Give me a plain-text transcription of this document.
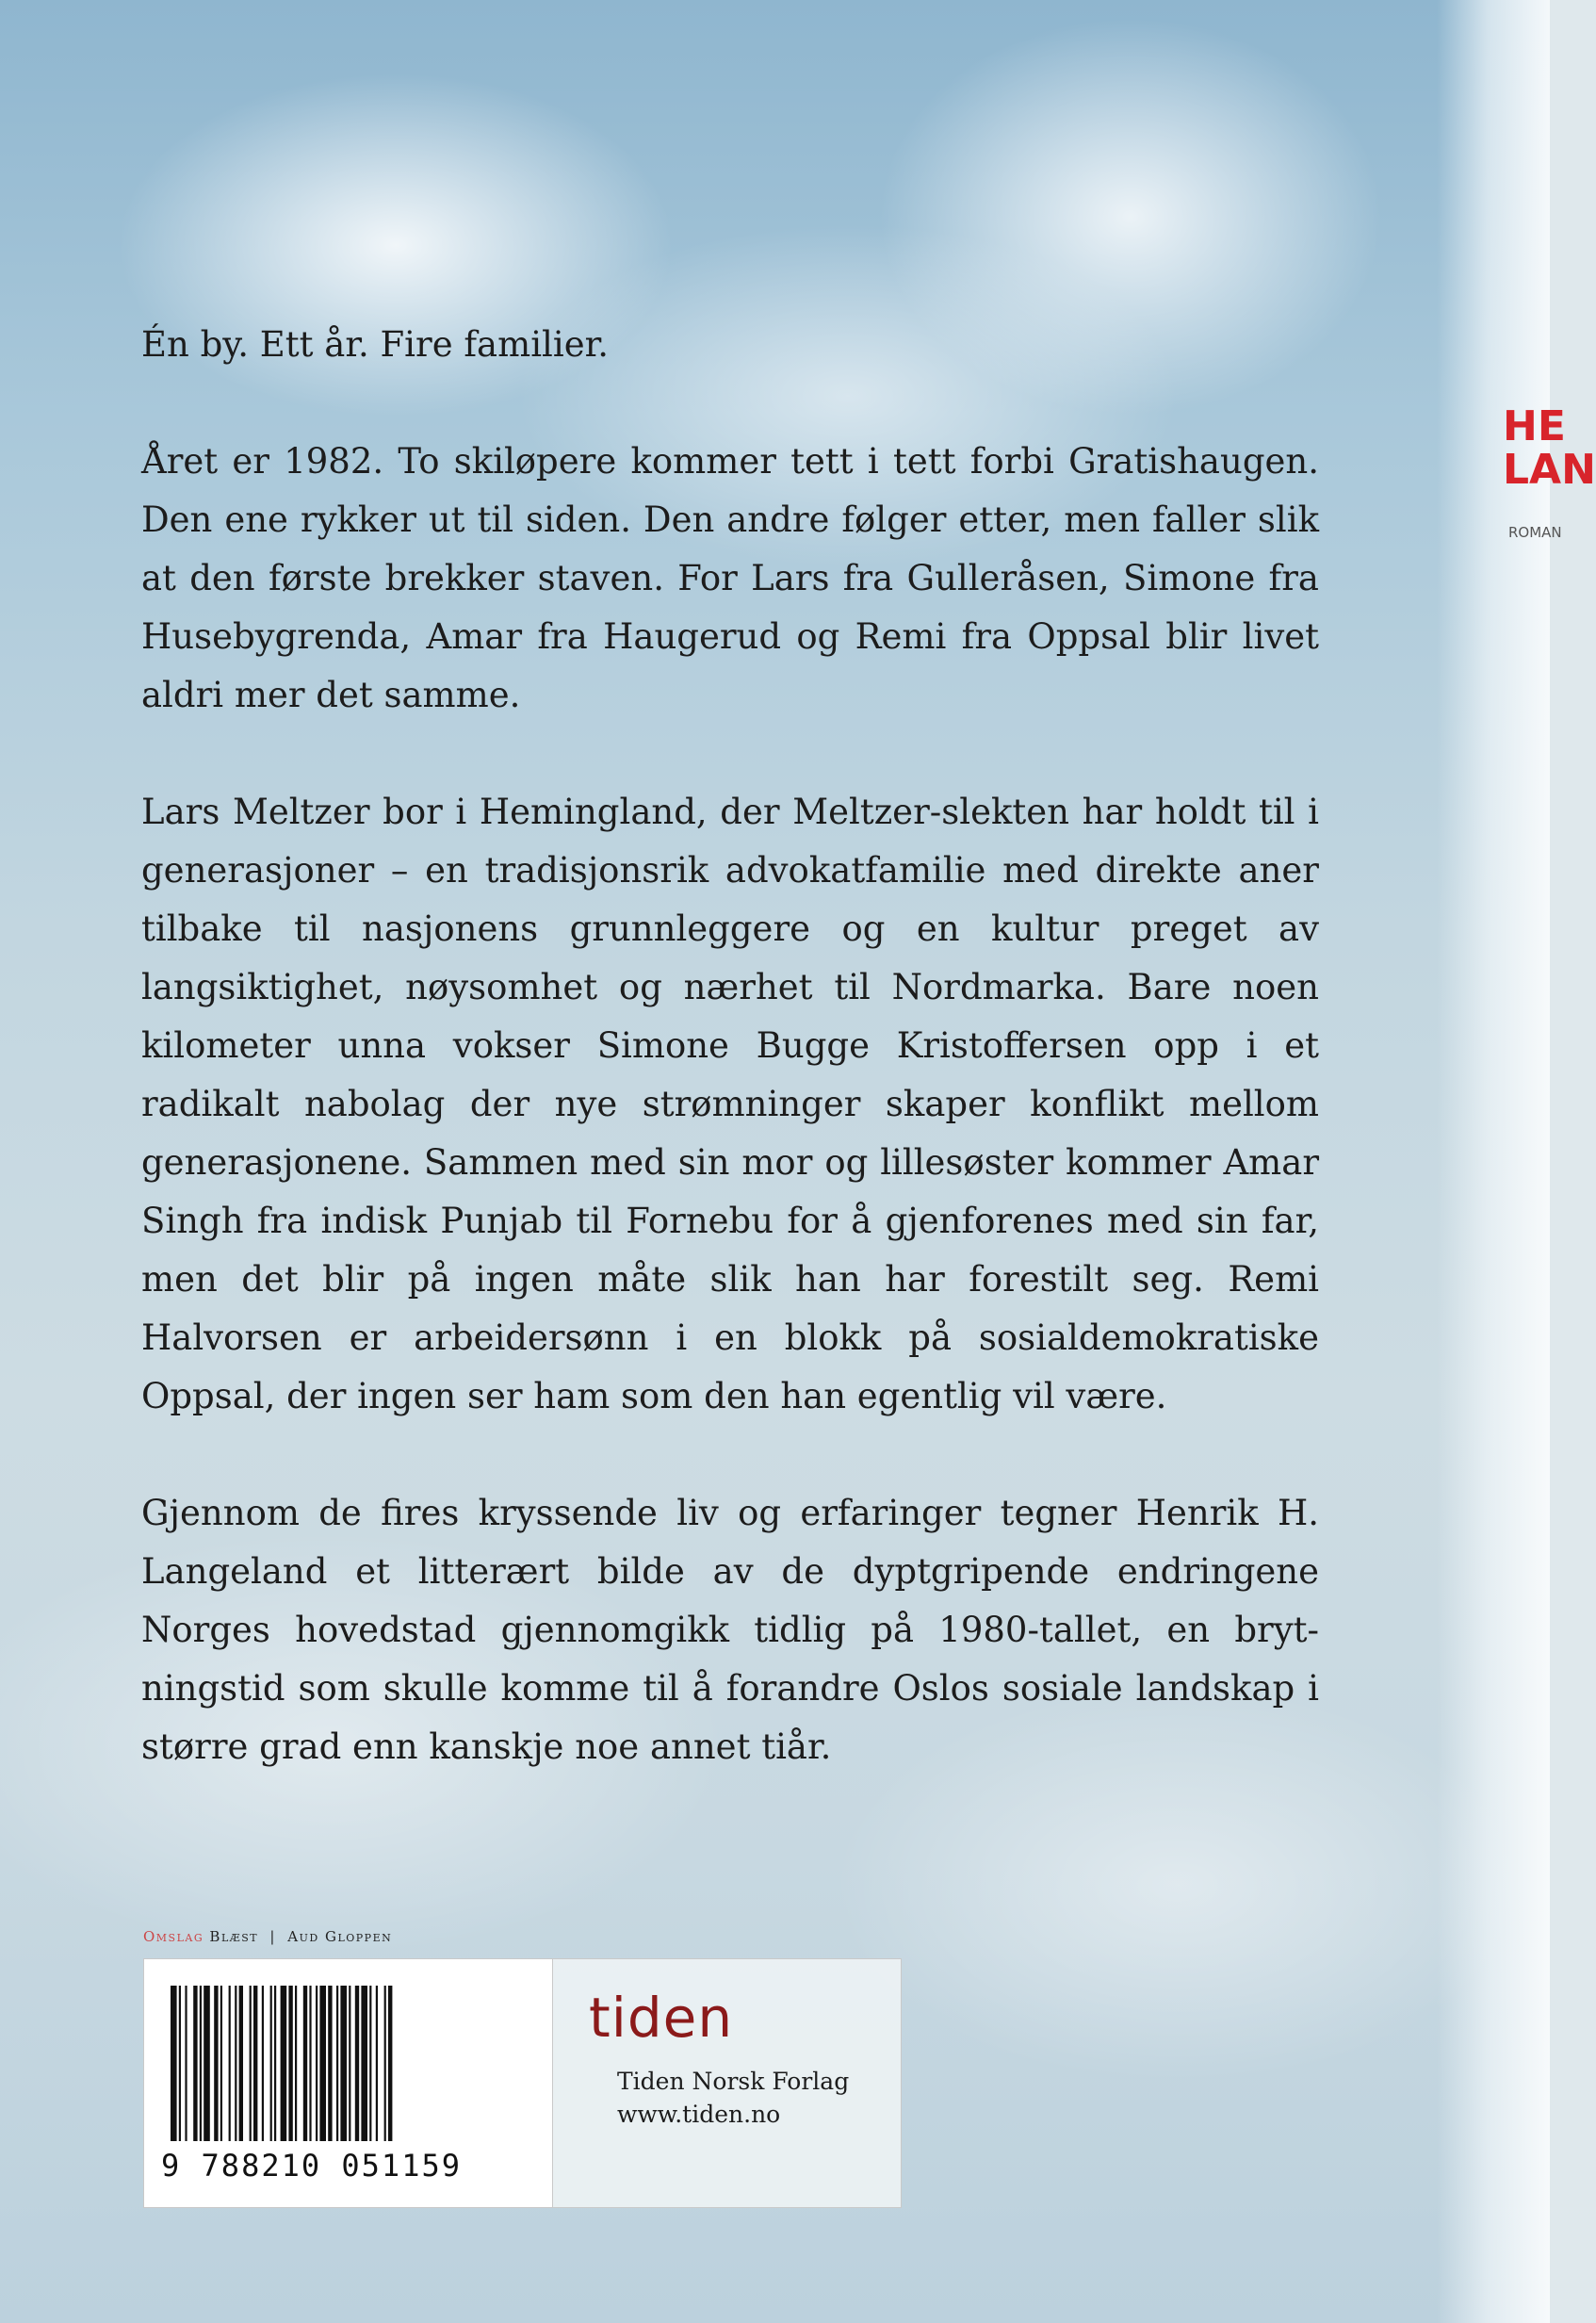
HE
LAN
ROMAN

Én by. Ett år. Fire familier.

Året er 1982. To skiløpere kommer tett i tett forbi Gratishaugen. Den ene rykker ut til siden. Den andre følger etter, men faller slik at den første brekker staven. For Lars fra Gulleråsen, Simone fra Husebygrenda, Amar fra Haugerud og Remi fra Oppsal blir livet aldri mer det samme.

Lars Meltzer bor i Hemingland, der Meltzer-slekten har holdt til i generasjoner – en tradisjonsrik advokatfamilie med direkte aner tilbake til nasjonens grunnleggere og en kultur preget av langsiktighet, nøysomhet og nærhet til Nordmarka. Bare noen kilometer unna vokser Simone Bugge Kristoffersen opp i et radikalt nabolag der nye strømninger skaper konflikt mellom generasjonene. Sammen med sin mor og lillesøster kommer Amar Singh fra indisk Punjab til Fornebu for å gjenforenes med sin far, men det blir på ingen måte slik han har forestilt seg. Remi Halvorsen er arbeidersønn i en blokk på sosialdemokratiske Oppsal, der ingen ser ham som den han egentlig vil være.

Gjennom de fires kryssende liv og erfaringer tegner Henrik H. Langeland et litterært bilde av de dyptgripende endringene Norges hovedstad gjennomgikk tidlig på 1980-tallet, en brytningstid som skulle komme til å forandre Oslos sosiale landskap i større grad enn kanskje noe annet tiår.

Omslag Blæst | Aud Gloppen
9 788210 051159
tiden
Tiden Norsk Forlag
www.tiden.no
